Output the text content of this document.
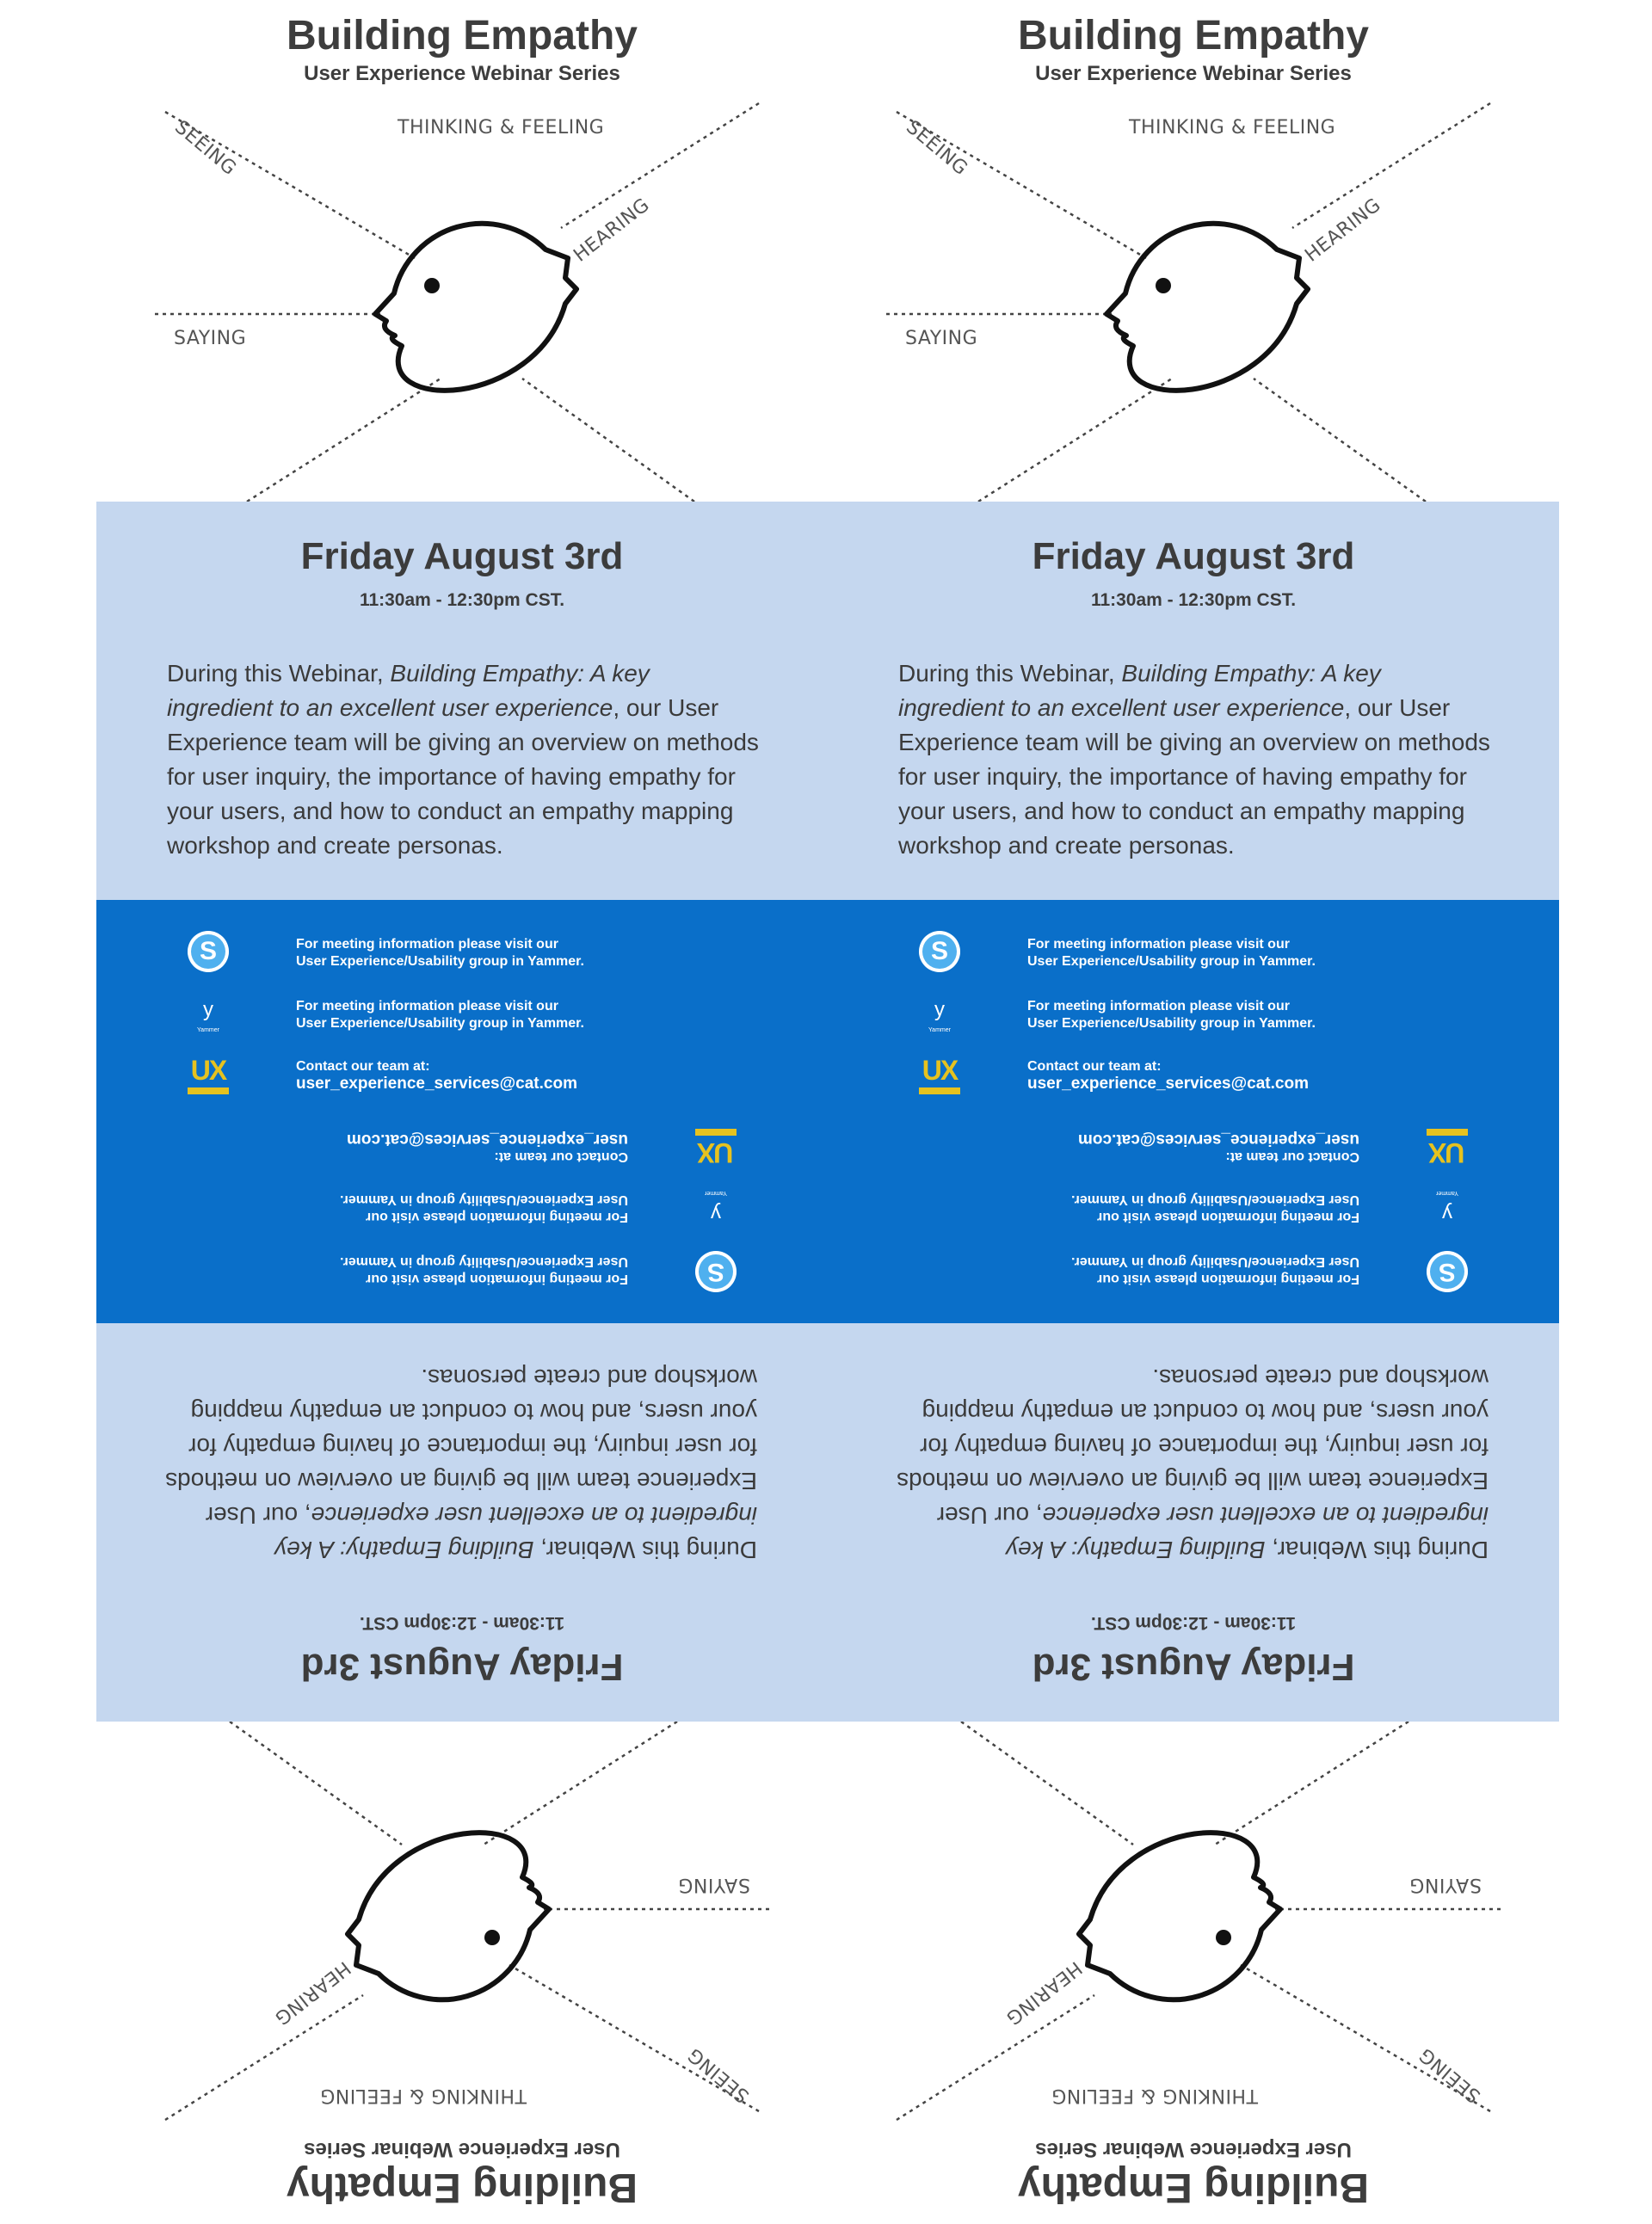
Building Empathy
User Experience Webinar Series
SEEING	THINKING & FEELING
HEARING
SAYING
Friday August 3rd
11:30am - 12:30pm CST.
During this Webinar, Building Empathy: A key ingredient to an excellent user experience, our User Experience team will be giving an overview on methods for user inquiry, the importance of having empathy for your users, and how to conduct an empathy mapping workshop and create personas.
S	For meeting information please visit our
User Experience/Usability group in Yammer.
y
Yammer
For meeting information please visit our
User Experience/Usability group in Yammer.
UX	Contact our team at:
user_experience_services@cat.com
Building Empathy
User Experience Webinar Series
SEEING
THINKING & FEELING
HEARING
SAYING
Friday August 3rd
11:30am - 12:30pm CST.
During this Webinar, Building Empathy: A key ingredient to an excellent user experience, our User Experience team will be giving an overview on methods for user inquiry, the importance of having empathy for your users, and how to conduct an empathy mapping workshop and create personas.
S
For meeting information please visit our
User Experience/Usability group in Yammer.
y
Yammer
For meeting information please visit our
User Experience/Usability group in Yammer.
UX
Contact our team at:
user_experience_services@cat.com
Building Empathy
User Experience Webinar Series
SEEING	THINKING & FEELING
HEARING
SAYING
Friday August 3rd
11:30am - 12:30pm CST.
During this Webinar, Building Empathy: A key ingredient to an excellent user experience, our User Experience team will be giving an overview on methods for user inquiry, the importance of having empathy for your users, and how to conduct an empathy mapping workshop and create personas.
S	For meeting information please visit our
User Experience/Usability group in Yammer.
y
Yammer
For meeting information please visit our
User Experience/Usability group in Yammer.
UX	Contact our team at:
user_experience_services@cat.com
Building Empathy
User Experience Webinar Series
SEEING
THINKING & FEELING
HEARING
SAYING
Friday August 3rd
11:30am - 12:30pm CST.
During this Webinar, Building Empathy: A key ingredient to an excellent user experience, our User Experience team will be giving an overview on methods for user inquiry, the importance of having empathy for your users, and how to conduct an empathy mapping workshop and create personas.
S
For meeting information please visit our
User Experience/Usability group in Yammer.
y
Yammer
For meeting information please visit our
User Experience/Usability group in Yammer.
UX
Contact our team at:
user_experience_services@cat.com
